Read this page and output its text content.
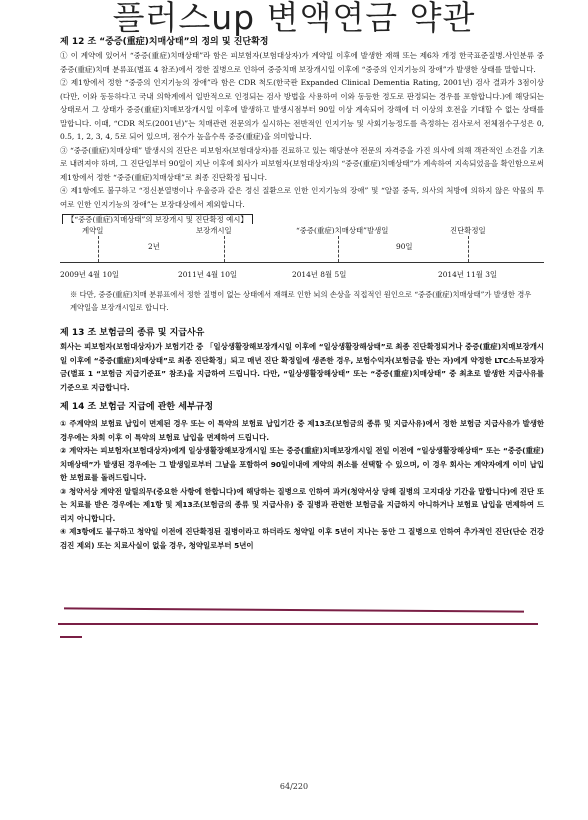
플러스up 변액연금 약관

제 12 조 “중증(重症)치매상태”의 정의 및 진단확정

① 이 계약에 있어서 “중증(重症)치매상태”라 함은 피보험자(보험대상자)가 계약일 이후에 발생한 재해 또는 제6차 개정 한국표준질병.사인분류 중 중증(重症)치매 분류표(별표 4 참조)에서 정한 질병으로 인하여 중증치매 보장개시일 이후에 “중증의 인지기능의 장애”가 발생한 상태를 말합니다.

② 제1항에서 정한 “중증의 인지기능의 장애”라 함은 CDR 척도(한국판 Expanded Clinical Dementia Rating, 2001년) 검사 결과가 3점이상(다만, 이와 동등하다고 국내 의학계에서 일반적으로 인정되는 검사 방법을 사용하여 이와 동등한 정도로 판정되는 경우를 포함합니다.)에 해당되는 상태로서 그 상태가 중증(重症)치매보장개시일 이후에 발생하고 발생시점부터 90일 이상 계속되어 장해에 더 이상의 호전을 기대할 수 없는 상태를 말합니다. 이때, “CDR 척도(2001년)”는 치매관련 전문의가 실시하는 전반적인 인지기능 및 사회기능정도를 측정하는 검사로서 전체점수구성은 0, 0.5, 1, 2, 3, 4, 5로 되어 있으며, 점수가 높을수록 중증(重症)을 의미합니다.

③ “중증(重症)치매상태” 발생시의 진단은 피보험자(보험대상자)를 진료하고 있는 해당분야 전문의 자격증을 가진 의사에 의해 객관적인 소견을 기초로 내려져야 하며, 그 진단일부터 90일이 지난 이후에 회사가 피보험자(보험대상자)의 “중증(重症)치매상태”가 계속하여 지속되었음을 확인함으로써 제1항에서 정한 “중증(重症)치매상태”로 최종 진단확정 됩니다.

④ 제1항에도 불구하고 “정신분열병이나 우울증과 같은 정신 질환으로 인한 인지기능의 장애” 및 “알콜 중독, 의사의 처방에 의하지 않은 약물의 투여로 인한 인지기능의 장애”는 보장대상에서 제외합니다.

【“중증(重症)치매상태”의 보장개시 및 진단확정 예시】
계약일	보장개시일	“중증(重症)치매상태”발생일	진단확정일
2년	90일
2009년 4월 10일	2011년 4월 10일	2014년 8월 5일	2014년 11월 3일
※ 다만, 중증(重症)치매 분류표에서 정한 질병이 없는 상태에서 재해로 인한 뇌의 손상을 직접적인 원인으로 “중증(重症)치매상태”가 발생한 경우 계약일을 보장개시일로 합니다.

제 13 조 보험금의 종류 및 지급사유

회사는 피보험자(보험대상자)가 보험기간 중 「일상생활장해보장개시일 이후에 “일상생활장해상태”로 최종 진단확정되거나 중증(重症)치매보장개시일 이후에 “중증(重症)치매상태”로 최종 진단확정」되고 매년 진단 확정일에 생존한 경우, 보험수익자(보험금을 받는 자)에게 약정한 LTC소득보장자금(별표 1 “보험금 지급기준표” 참조)을 지급하여 드립니다. 다만, “일상생활장해상태” 또는 “중증(重症)치매상태” 중 최초로 발생한 지급사유를 기준으로 지급합니다.

제 14 조 보험금 지급에 관한 세부규정

① 주계약의 보험료 납입이 면제된 경우 또는 이 특약의 보험료 납입기간 중 제13조(보험금의 종류 및 지급사유)에서 정한 보험금 지급사유가 발생한 경우에는 차회 이후 이 특약의 보험료 납입을 면제하여 드립니다.

② 계약자는 피보험자(보험대상자)에게 일상생활장해보장개시일 또는 중증(重症)치매보장개시일 전일 이전에 “일상생활장해상태” 또는 “중증(重症)치매상태”가 발생된 경우에는 그 발생일로부터 그날을 포함하여 90일이내에 계약의 취소를 선택할 수 있으며, 이 경우 회사는 계약자에게 이미 납입한 보험료를 돌려드립니다.

③ 청약서상 계약전 알릴의무(중요한 사항에 한합니다)에 해당하는 질병으로 인하여 과거(청약서상 당해 질병의 고지대상 기간을 말합니다)에 진단 또는 치료를 받은 경우에는 제1항 및 제13조(보험금의 종류 및 지급사유) 중 질병과 관련한 보험금을 지급하지 아니하거나 보험료 납입을 면제하여 드리지 아니합니다.

④ 제3항에도 불구하고 청약일 이전에 진단확정된 질병이라고 하더라도 청약일 이후 5년이 지나는 동안 그 질병으로 인하여 추가적인 진단(단순 건강검진 제외) 또는 치료사실이 없을 경우, 청약일로부터 5년이

64/220
